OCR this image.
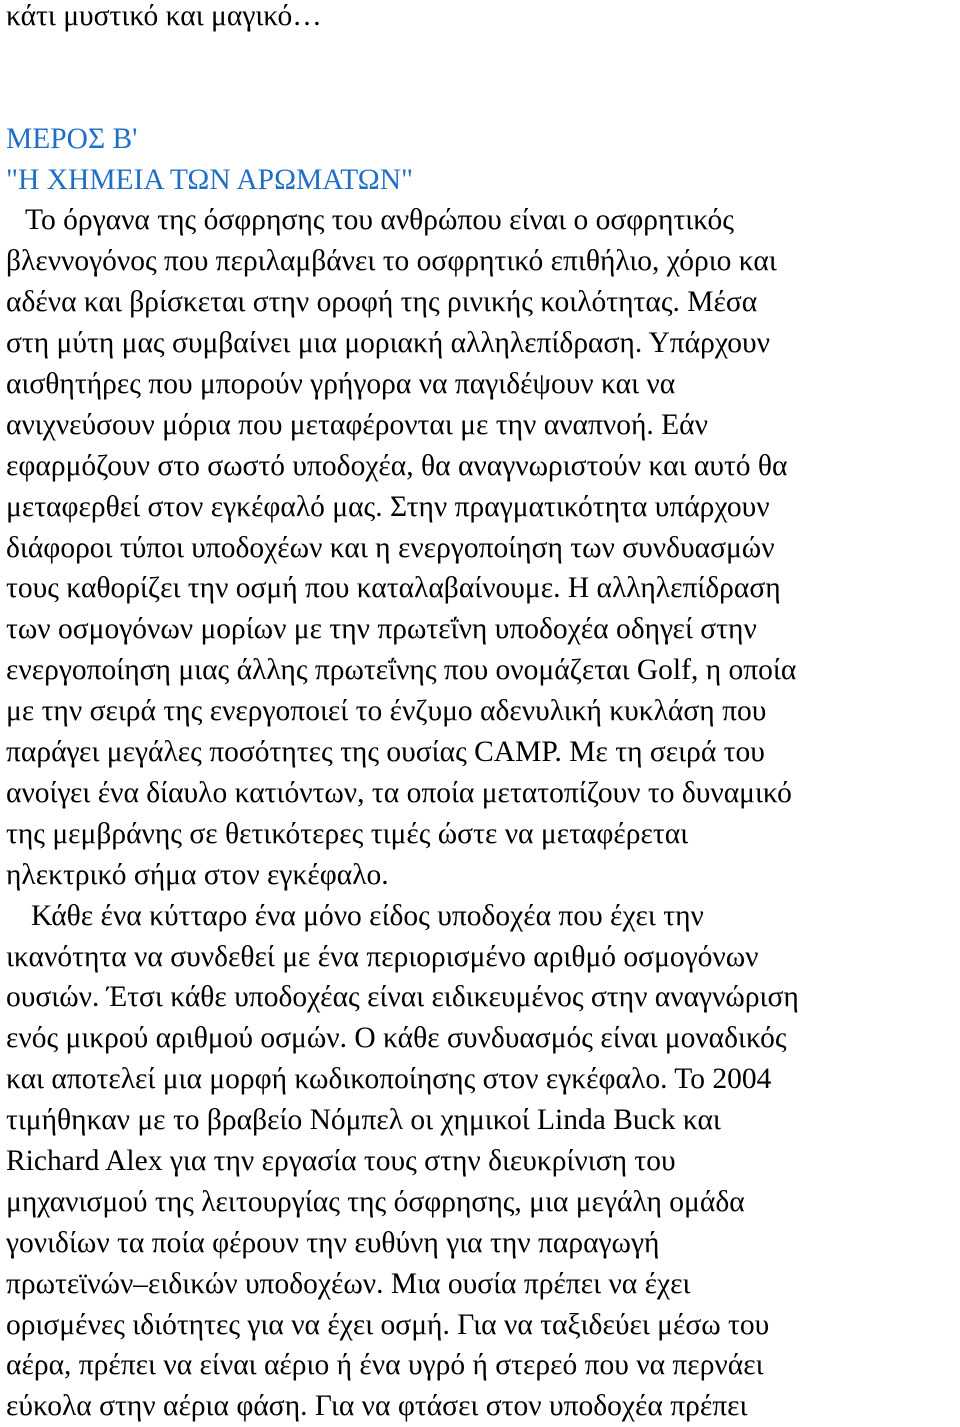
κάτι μυστικό και μαγικό…
ΜΕΡΟΣ Β'
"Η ΧΗΜΕΙΑ ΤΩΝ ΑΡΩΜΑΤΩΝ"
Το όργανα της όσφρησης του ανθρώπου είναι ο οσφρητικός
βλεννογόνος που περιλαμβάνει το οσφρητικό επιθήλιο, χόριο και
αδένα και βρίσκεται στην οροφή της ρινικής κοιλότητας. Μέσα
στη μύτη μας συμβαίνει μια μοριακή αλληλεπίδραση. Υπάρχουν
αισθητήρες που μπορούν γρήγορα να παγιδέψουν και να
ανιχνεύσουν μόρια που μεταφέρονται με την αναπνοή. Εάν
εφαρμόζουν στο σωστό υποδοχέα, θα αναγνωριστούν και αυτό θα
μεταφερθεί στον εγκέφαλό μας. Στην πραγματικότητα υπάρχουν
διάφοροι τύποι υποδοχέων και η ενεργοποίηση των συνδυασμών
τους καθορίζει την οσμή που καταλαβαίνουμε. Η αλληλεπίδραση
των οσμογόνων μορίων με την πρωτεΐνη υποδοχέα οδηγεί στην
ενεργοποίηση μιας άλλης πρωτεΐνης που ονομάζεται Golf, η οποία
με την σειρά της ενεργοποιεί το ένζυμο αδενυλική κυκλάση που
παράγει μεγάλες ποσότητες της ουσίας CAMP. Με τη σειρά του
ανοίγει ένα δίαυλο κατιόντων, τα οποία μετατοπίζουν το δυναμικό
της μεμβράνης σε θετικότερες τιμές ώστε να μεταφέρεται
ηλεκτρικό σήμα στον εγκέφαλο.
Κάθε ένα κύτταρο ένα μόνο είδος υποδοχέα που έχει την
ικανότητα να συνδεθεί με ένα περιορισμένο αριθμό οσμογόνων
ουσιών. Έτσι κάθε υποδοχέας είναι ειδικευμένος στην αναγνώριση
ενός μικρού αριθμού οσμών. Ο κάθε συνδυασμός είναι μοναδικός
και αποτελεί μια μορφή κωδικοποίησης στον εγκέφαλο. Το 2004
τιμήθηκαν με το βραβείο Νόμπελ οι χημικοί Linda Buck και
Richard Alex για την εργασία τους στην διευκρίνιση του
μηχανισμού της λειτουργίας της όσφρησης, μια μεγάλη ομάδα
γονιδίων τα ποία φέρουν την ευθύνη για την παραγωγή
πρωτεϊνών–ειδικών υποδοχέων. Μια ουσία πρέπει να έχει
ορισμένες ιδιότητες για να έχει οσμή. Για να ταξιδεύει μέσω του
αέρα, πρέπει να είναι αέριο ή ένα υγρό ή στερεό που να περνάει
εύκολα στην αέρια φάση. Για να φτάσει στον υποδοχέα πρέπει
